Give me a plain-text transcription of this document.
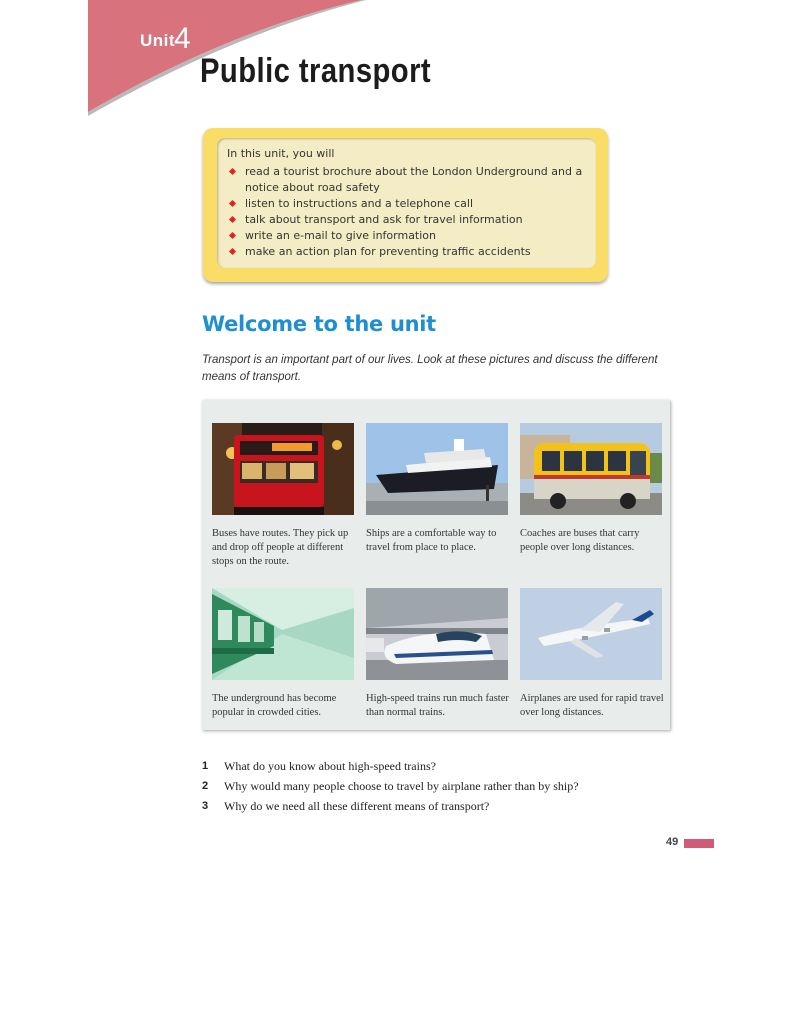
Unit
4
Public transport
In this unit, you will
read a tourist brochure about the London Underground and a notice about road safety
listen to instructions and a telephone call
talk about transport and ask for travel information
write an e-mail to give information
make an action plan for preventing traffic accidents
Welcome to the unit
Transport is an important part of our lives. Look at these pictures and discuss the different means of transport.
Buses have routes. They pick up and drop off people at different stops on the route.
Ships are a comfortable way to travel from place to place.
Coaches are buses that carry people over long distances.
The underground has become popular in crowded cities.
High-speed trains run much faster than normal trains.
Airplanes are used for rapid travel over long distances.
1 What do you know about high-speed trains?
2 Why would many people choose to travel by airplane rather than by ship?
3 Why do we need all these different means of transport?
49
